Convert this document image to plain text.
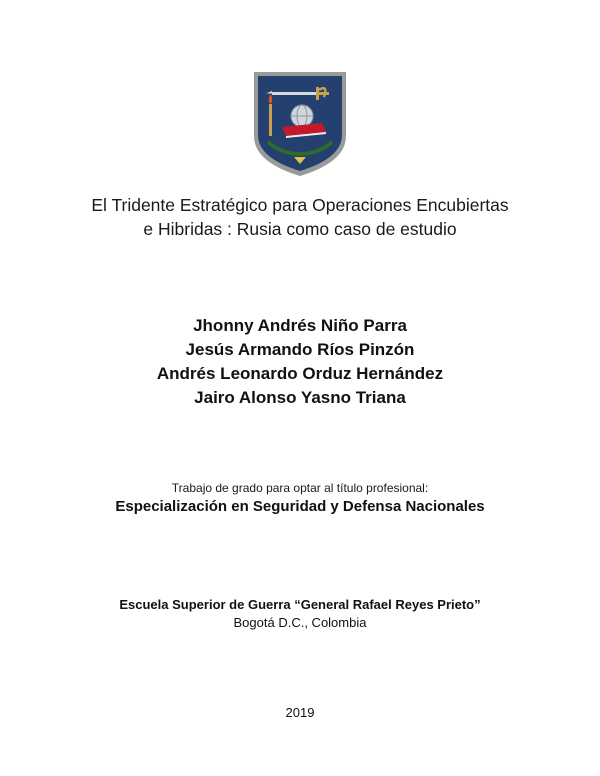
El Tridente Estratégico para Operaciones Encubiertas
e Hibridas : Rusia como caso de estudio
Jhonny Andrés Niño Parra
Jesús Armando Ríos Pinzón
Andrés Leonardo Orduz Hernández
Jairo Alonso Yasno Triana
Trabajo de grado para optar al título profesional:
Especialización en Seguridad y Defensa Nacionales
Escuela Superior de Guerra “General Rafael Reyes Prieto”
Bogotá D.C., Colombia
2019
